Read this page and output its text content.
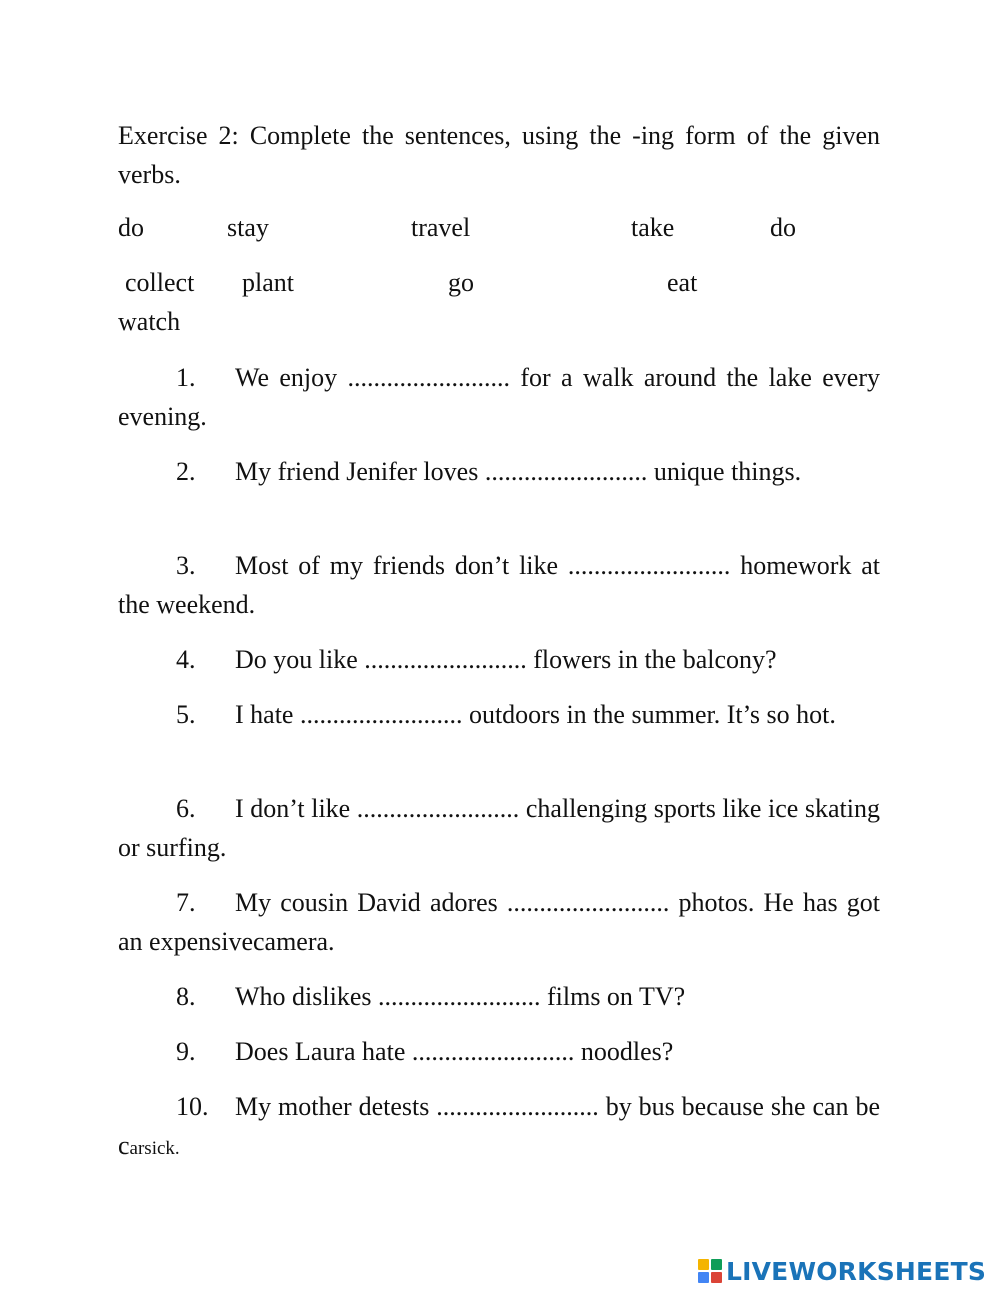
Exercise 2: Complete the sentences, using the -ing form of the given verbs.
do	stay	travel	take	do
collect plant	go	eat
watch
1. We enjoy ......................... for a walk around the lake every evening.
2. My friend Jenifer loves ......................... unique things.
3. Most of my friends don’t like ......................... homework at the weekend.
4. Do you like ......................... flowers in the balcony?
5. I hate ......................... outdoors in the summer. It’s so hot.
6. I don’t like ......................... challenging sports like ice skating or surfing.
7. My cousin David adores ......................... photos. He has got an expensivecamera.
8. Who dislikes ......................... films on TV?
9. Does Laura hate ......................... noodles?
10. My mother detests ......................... by bus because she can be carsick.
LIVEWORKSHEETS
